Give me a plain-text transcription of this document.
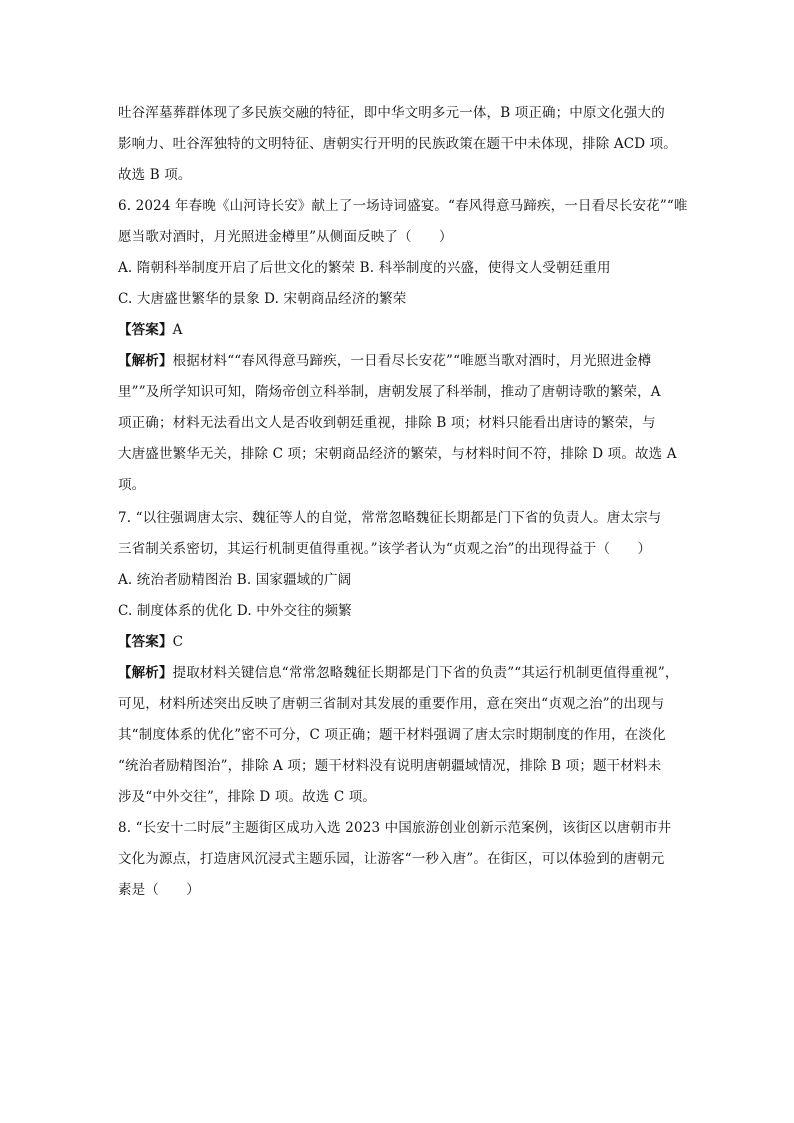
吐谷浑墓葬群体现了多民族交融的特征，即中华文明多元一体，B 项正确；中原文化强大的
影响力、吐谷浑独特的文明特征、唐朝实行开明的民族政策在题干中未体现，排除 ACD 项。
故选 B 项。
6. 2024 年春晚《山河诗长安》献上了一场诗词盛宴。“春风得意马蹄疾，一日看尽长安花”“唯
愿当歌对酒时，月光照进金樽里”从侧面反映了（　　）
A. 隋朝科举制度开启了后世文化的繁荣 B. 科举制度的兴盛，使得文人受朝廷重用
C. 大唐盛世繁华的景象 D. 宋朝商品经济的繁荣
【答案】A
【解析】根据材料““春风得意马蹄疾，一日看尽长安花”“唯愿当歌对酒时，月光照进金樽
里””及所学知识可知，隋炀帝创立科举制，唐朝发展了科举制，推动了唐朝诗歌的繁荣，A
项正确；材料无法看出文人是否收到朝廷重视，排除 B 项；材料只能看出唐诗的繁荣，与
大唐盛世繁华无关，排除 C 项；宋朝商品经济的繁荣，与材料时间不符，排除 D 项。故选 A
项。
7. “以往强调唐太宗、魏征等人的自觉，常常忽略魏征长期都是门下省的负责人。唐太宗与
三省制关系密切，其运行机制更值得重视。”该学者认为“贞观之治”的出现得益于（　　）
A. 统治者励精图治 B. 国家疆域的广阔
C. 制度体系的优化 D. 中外交往的频繁
【答案】C
【解析】提取材料关键信息“常常忽略魏征长期都是门下省的负责”“其运行机制更值得重视”，
可见，材料所述突出反映了唐朝三省制对其发展的重要作用，意在突出“贞观之治”的出现与
其“制度体系的优化”密不可分，C 项正确；题干材料强调了唐太宗时期制度的作用，在淡化
“统治者励精图治”，排除 A 项；题干材料没有说明唐朝疆域情况，排除 B 项；题干材料未
涉及“中外交往”，排除 D 项。故选 C 项。
8. “长安十二时辰”主题街区成功入选 2023 中国旅游创业创新示范案例，该街区以唐朝市井
文化为源点，打造唐风沉浸式主题乐园，让游客“一秒入唐”。在街区，可以体验到的唐朝元
素是（　　）
